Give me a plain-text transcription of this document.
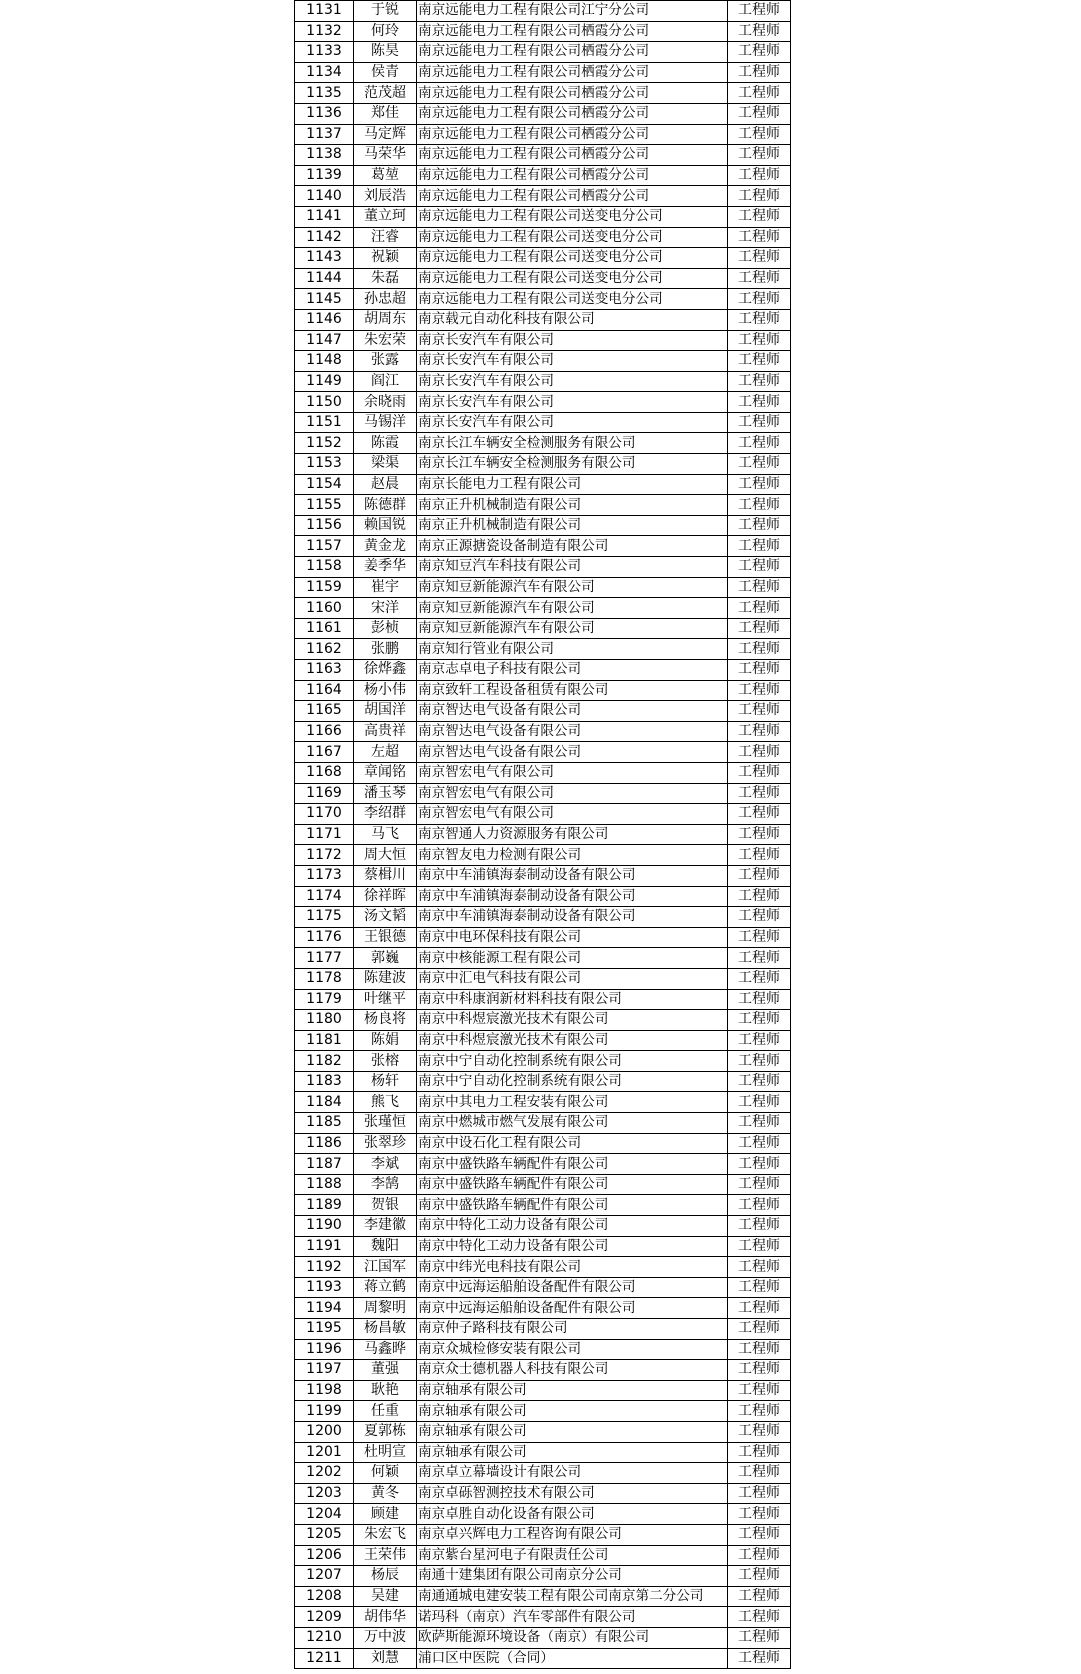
1131	于锐	南京远能电力工程有限公司江宁分公司	工程师
1132	何玲	南京远能电力工程有限公司栖霞分公司	工程师
1133	陈昊	南京远能电力工程有限公司栖霞分公司	工程师
1134	侯青	南京远能电力工程有限公司栖霞分公司	工程师
1135	范茂超	南京远能电力工程有限公司栖霞分公司	工程师
1136	郑佳	南京远能电力工程有限公司栖霞分公司	工程师
1137	马定辉	南京远能电力工程有限公司栖霞分公司	工程师
1138	马荣华	南京远能电力工程有限公司栖霞分公司	工程师
1139	葛堃	南京远能电力工程有限公司栖霞分公司	工程师
1140	刘辰浩	南京远能电力工程有限公司栖霞分公司	工程师
1141	董立珂	南京远能电力工程有限公司送变电分公司	工程师
1142	汪睿	南京远能电力工程有限公司送变电分公司	工程师
1143	祝颖	南京远能电力工程有限公司送变电分公司	工程师
1144	朱磊	南京远能电力工程有限公司送变电分公司	工程师
1145	孙忠超	南京远能电力工程有限公司送变电分公司	工程师
1146	胡周东	南京载元自动化科技有限公司	工程师
1147	朱宏荣	南京长安汽车有限公司	工程师
1148	张露	南京长安汽车有限公司	工程师
1149	阎江	南京长安汽车有限公司	工程师
1150	余晓雨	南京长安汽车有限公司	工程师
1151	马锡洋	南京长安汽车有限公司	工程师
1152	陈霞	南京长江车辆安全检测服务有限公司	工程师
1153	梁渠	南京长江车辆安全检测服务有限公司	工程师
1154	赵晨	南京长能电力工程有限公司	工程师
1155	陈德群	南京正升机械制造有限公司	工程师
1156	赖国锐	南京正升机械制造有限公司	工程师
1157	黄金龙	南京正源搪瓷设备制造有限公司	工程师
1158	姜季华	南京知豆汽车科技有限公司	工程师
1159	崔宇	南京知豆新能源汽车有限公司	工程师
1160	宋洋	南京知豆新能源汽车有限公司	工程师
1161	彭桢	南京知豆新能源汽车有限公司	工程师
1162	张鹏	南京知行管业有限公司	工程师
1163	徐烨鑫	南京志卓电子科技有限公司	工程师
1164	杨小伟	南京致轩工程设备租赁有限公司	工程师
1165	胡国洋	南京智达电气设备有限公司	工程师
1166	高贵祥	南京智达电气设备有限公司	工程师
1167	左超	南京智达电气设备有限公司	工程师
1168	章闻铭	南京智宏电气有限公司	工程师
1169	潘玉琴	南京智宏电气有限公司	工程师
1170	李绍群	南京智宏电气有限公司	工程师
1171	马飞	南京智通人力资源服务有限公司	工程师
1172	周大恒	南京智友电力检测有限公司	工程师
1173	蔡楫川	南京中车浦镇海泰制动设备有限公司	工程师
1174	徐祥晖	南京中车浦镇海泰制动设备有限公司	工程师
1175	汤文韬	南京中车浦镇海泰制动设备有限公司	工程师
1176	王银德	南京中电环保科技有限公司	工程师
1177	郭巍	南京中核能源工程有限公司	工程师
1178	陈建波	南京中汇电气科技有限公司	工程师
1179	叶继平	南京中科康润新材料科技有限公司	工程师
1180	杨良将	南京中科煜宸激光技术有限公司	工程师
1181	陈娟	南京中科煜宸激光技术有限公司	工程师
1182	张榕	南京中宁自动化控制系统有限公司	工程师
1183	杨轩	南京中宁自动化控制系统有限公司	工程师
1184	熊飞	南京中其电力工程安装有限公司	工程师
1185	张瑾恒	南京中燃城市燃气发展有限公司	工程师
1186	张翠珍	南京中设石化工程有限公司	工程师
1187	李斌	南京中盛铁路车辆配件有限公司	工程师
1188	李鹄	南京中盛铁路车辆配件有限公司	工程师
1189	贺银	南京中盛铁路车辆配件有限公司	工程师
1190	李建徽	南京中特化工动力设备有限公司	工程师
1191	魏阳	南京中特化工动力设备有限公司	工程师
1192	江国军	南京中纬光电科技有限公司	工程师
1193	蒋立鹤	南京中远海运船舶设备配件有限公司	工程师
1194	周黎明	南京中远海运船舶设备配件有限公司	工程师
1195	杨昌敏	南京仲子路科技有限公司	工程师
1196	马鑫晔	南京众城检修安装有限公司	工程师
1197	董强	南京众士德机器人科技有限公司	工程师
1198	耿艳	南京轴承有限公司	工程师
1199	任重	南京轴承有限公司	工程师
1200	夏郭栋	南京轴承有限公司	工程师
1201	杜明宣	南京轴承有限公司	工程师
1202	何颖	南京卓立幕墙设计有限公司	工程师
1203	黄冬	南京卓砾智测控技术有限公司	工程师
1204	顾建	南京卓胜自动化设备有限公司	工程师
1205	朱宏飞	南京卓兴辉电力工程咨询有限公司	工程师
1206	王荣伟	南京紫台星河电子有限责任公司	工程师
1207	杨辰	南通十建集团有限公司南京分公司	工程师
1208	吴建	南通通城电建安装工程有限公司南京第二分公司	工程师
1209	胡伟华	诺玛科（南京）汽车零部件有限公司	工程师
1210	万中波	欧萨斯能源环境设备（南京）有限公司	工程师
1211	刘慧	浦口区中医院（合同）	工程师
